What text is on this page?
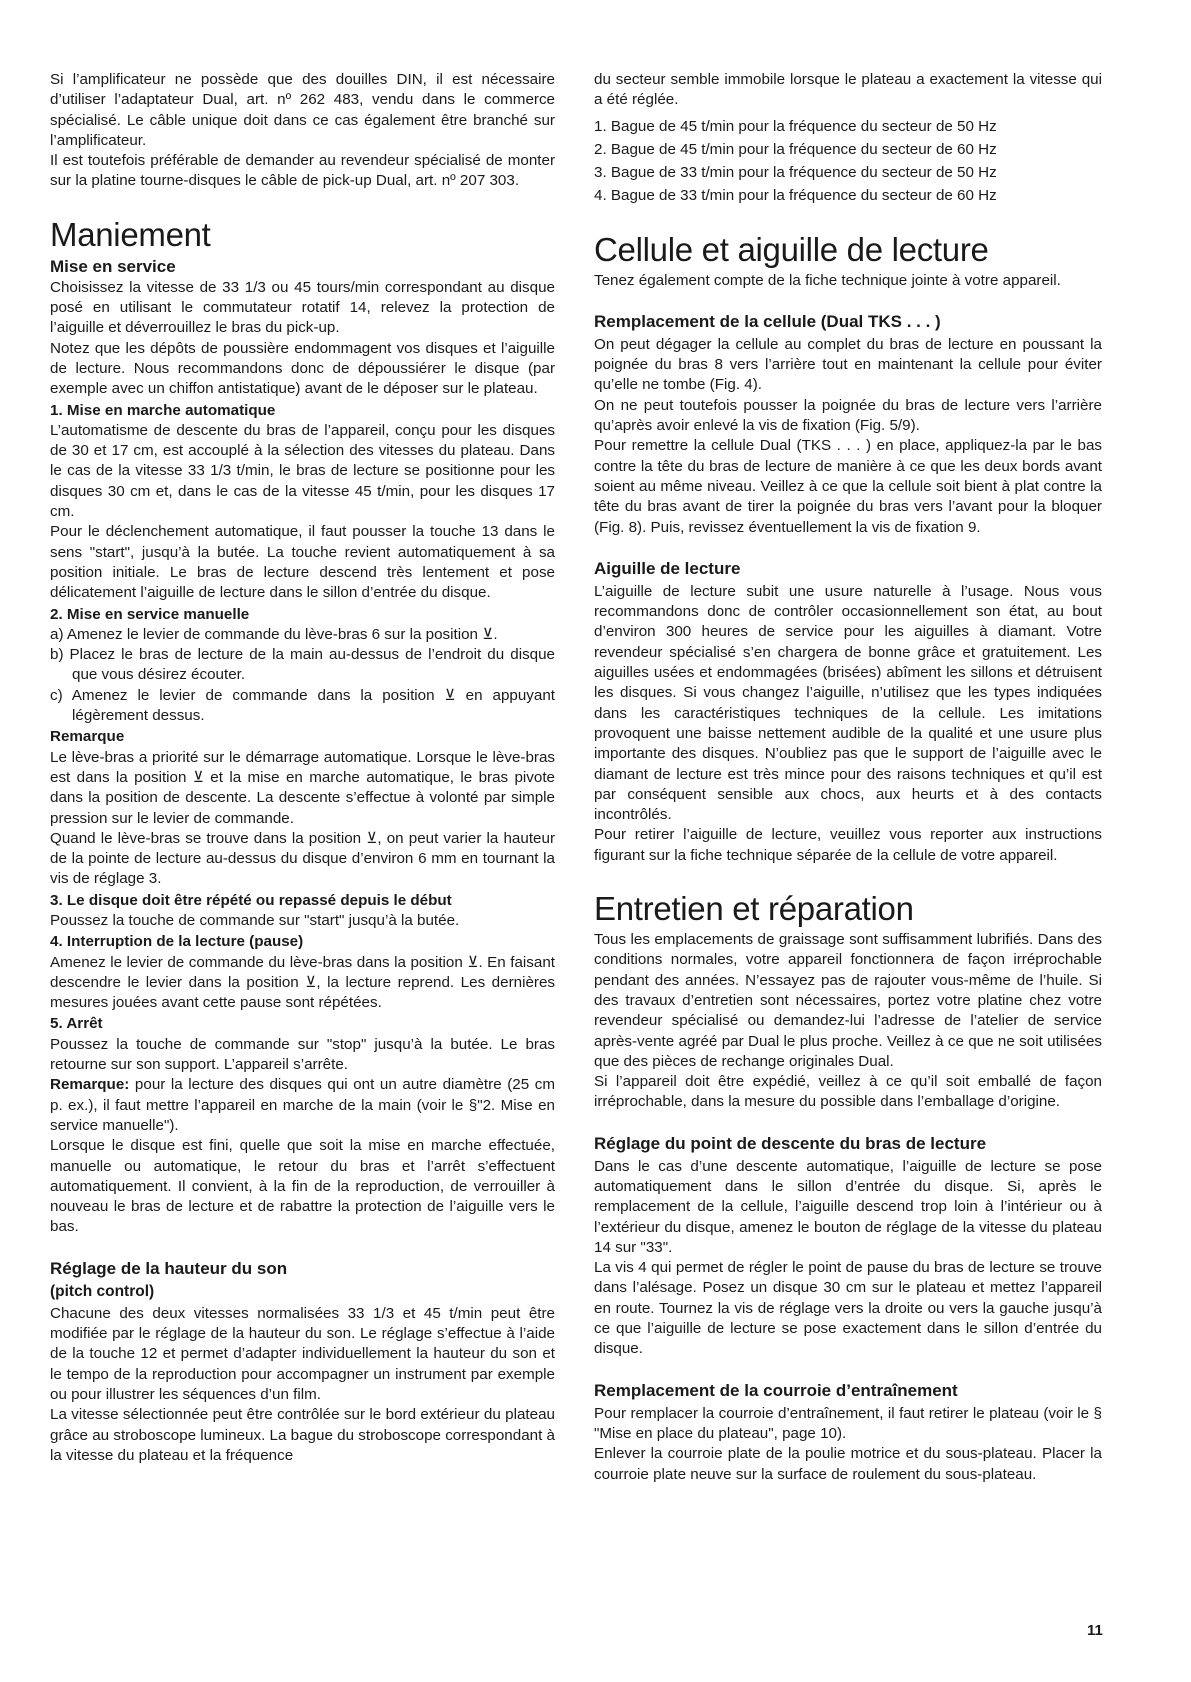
Si l’amplificateur ne possède que des douilles DIN, il est nécessaire d’utiliser l’adaptateur Dual, art. nº 262 483, vendu dans le commerce spécialisé. Le câble unique doit dans ce cas également être branché sur l’amplificateur.

Il est toutefois préférable de demander au revendeur spécialisé de monter sur la platine tourne-disques le câble de pick-up Dual, art. nº 207 303.

Maniement
Mise en service

Choisissez la vitesse de 33 1/3 ou 45 tours/min correspondant au disque posé en utilisant le commutateur rotatif 14, relevez la protection de l’aiguille et déverrouillez le bras du pick-up.

Notez que les dépôts de poussière endommagent vos disques et l’aiguille de lecture. Nous recommandons donc de dépoussiérer le disque (par exemple avec un chiffon antistatique) avant de le déposer sur le plateau.

1. Mise en marche automatique

L’automatisme de descente du bras de l’appareil, conçu pour les disques de 30 et 17 cm, est accouplé à la sélection des vitesses du plateau. Dans le cas de la vitesse 33 1/3 t/min, le bras de lecture se positionne pour les disques 30 cm et, dans le cas de la vitesse 45 t/min, pour les disques 17 cm.

Pour le déclenchement automatique, il faut pousser la touche 13 dans le sens "start", jusqu’à la butée. La touche revient automatiquement à sa position initiale. Le bras de lecture descend très lentement et pose délicatement l’aiguille de lecture dans le sillon d’entrée du disque.

2. Mise en service manuelle

a) Amenez le levier de commande du lève-bras 6 sur la position ⊻.

b) Placez le bras de lecture de la main au-dessus de l’endroit du disque que vous désirez écouter.

c) Amenez le levier de commande dans la position ⊻ en appuyant légèrement dessus.

Remarque

Le lève-bras a priorité sur le démarrage automatique. Lorsque le lève-bras est dans la position ⊻ et la mise en marche automatique, le bras pivote dans la position de descente. La descente s’effectue à volonté par simple pression sur le levier de commande.

Quand le lève-bras se trouve dans la position ⊻, on peut varier la hauteur de la pointe de lecture au-dessus du disque d’environ 6 mm en tournant la vis de réglage 3.

3. Le disque doit être répété ou repassé depuis le début

Poussez la touche de commande sur "start" jusqu’à la butée.

4. Interruption de la lecture (pause)

Amenez le levier de commande du lève-bras dans la position ⊻. En faisant descendre le levier dans la position ⊻, la lecture reprend. Les dernières mesures jouées avant cette pause sont répétées.

5. Arrêt

Poussez la touche de commande sur "stop" jusqu’à la butée. Le bras retourne sur son support. L’appareil s’arrête.

Remarque: pour la lecture des disques qui ont un autre diamètre (25 cm p. ex.), il faut mettre l’appareil en marche de la main (voir le §"2. Mise en service manuelle").

Lorsque le disque est fini, quelle que soit la mise en marche effectuée, manuelle ou automatique, le retour du bras et l’arrêt s’effectuent automatiquement. Il convient, à la fin de la reproduction, de verrouiller à nouveau le bras de lecture et de rabattre la protection de l’aiguille vers le bas.

Réglage de la hauteur du son
(pitch control)

Chacune des deux vitesses normalisées 33 1/3 et 45 t/min peut être modifiée par le réglage de la hauteur du son. Le réglage s’effectue à l’aide de la touche 12 et permet d’adapter individuellement la hauteur du son et le tempo de la reproduction pour accompagner un instrument par exemple ou pour illustrer les séquences d’un film.

La vitesse sélectionnée peut être contrôlée sur le bord extérieur du plateau grâce au stroboscope lumineux. La bague du stroboscope correspondant à la vitesse du plateau et la fréquence

du secteur semble immobile lorsque le plateau a exactement la vitesse qui a été réglée.

1. Bague de 45 t/min pour la fréquence du secteur de 50 Hz
2. Bague de 45 t/min pour la fréquence du secteur de 60 Hz
3. Bague de 33 t/min pour la fréquence du secteur de 50 Hz
4. Bague de 33 t/min pour la fréquence du secteur de 60 Hz
Cellule et aiguille de lecture

Tenez également compte de la fiche technique jointe à votre appareil.

Remplacement de la cellule (Dual TKS . . . )

On peut dégager la cellule au complet du bras de lecture en poussant la poignée du bras 8 vers l’arrière tout en maintenant la cellule pour éviter qu’elle ne tombe (Fig. 4).

On ne peut toutefois pousser la poignée du bras de lecture vers l’arrière qu’après avoir enlevé la vis de fixation (Fig. 5/9).

Pour remettre la cellule Dual (TKS . . . ) en place, appliquez-la par le bas contre la tête du bras de lecture de manière à ce que les deux bords avant soient au même niveau. Veillez à ce que la cellule soit bient à plat contre la tête du bras avant de tirer la poignée du bras vers l’avant pour la bloquer (Fig. 8). Puis, revissez éventuellement la vis de fixation 9.

Aiguille de lecture

L’aiguille de lecture subit une usure naturelle à l’usage. Nous vous recommandons donc de contrôler occasionnellement son état, au bout d’environ 300 heures de service pour les aiguilles à diamant. Votre revendeur spécialisé s’en chargera de bonne grâce et gratuitement. Les aiguilles usées et endommagées (brisées) abîment les sillons et détruisent les disques. Si vous changez l’aiguille, n’utilisez que les types indiquées dans les caractéristiques techniques de la cellule. Les imitations provoquent une baisse nettement audible de la qualité et une usure plus importante des disques. N’oubliez pas que le support de l’aiguille avec le diamant de lecture est très mince pour des raisons techniques et qu’il est par conséquent sensible aux chocs, aux heurts et à des contacts incontrôlés.

Pour retirer l’aiguille de lecture, veuillez vous reporter aux instructions figurant sur la fiche technique séparée de la cellule de votre appareil.

Entretien et réparation

Tous les emplacements de graissage sont suffisamment lubrifiés. Dans des conditions normales, votre appareil fonctionnera de façon irréprochable pendant des années. N’essayez pas de rajouter vous-même de l’huile. Si des travaux d’entretien sont nécessaires, portez votre platine chez votre revendeur spécialisé ou demandez-lui l’adresse de l’atelier de service après-vente agréé par Dual le plus proche. Veillez à ce que ne soit utilisées que des pièces de rechange originales Dual.

Si l’appareil doit être expédié, veillez à ce qu’il soit emballé de façon irréprochable, dans la mesure du possible dans l’emballage d’origine.

Réglage du point de descente du bras de lecture

Dans le cas d’une descente automatique, l’aiguille de lecture se pose automatiquement dans le sillon d’entrée du disque. Si, après le remplacement de la cellule, l’aiguille descend trop loin à l’intérieur ou à l’extérieur du disque, amenez le bouton de réglage de la vitesse du plateau 14 sur "33".

La vis 4 qui permet de régler le point de pause du bras de lecture se trouve dans l’alésage. Posez un disque 30 cm sur le plateau et mettez l’appareil en route. Tournez la vis de réglage vers la droite ou vers la gauche jusqu’à ce que l’aiguille de lecture se pose exactement dans le sillon d’entrée du disque.

Remplacement de la courroie d’entraînement

Pour remplacer la courroie d’entraînement, il faut retirer le plateau (voir le § "Mise en place du plateau", page 10).

Enlever la courroie plate de la poulie motrice et du sous-plateau. Placer la courroie plate neuve sur la surface de roulement du sous-plateau.

11
